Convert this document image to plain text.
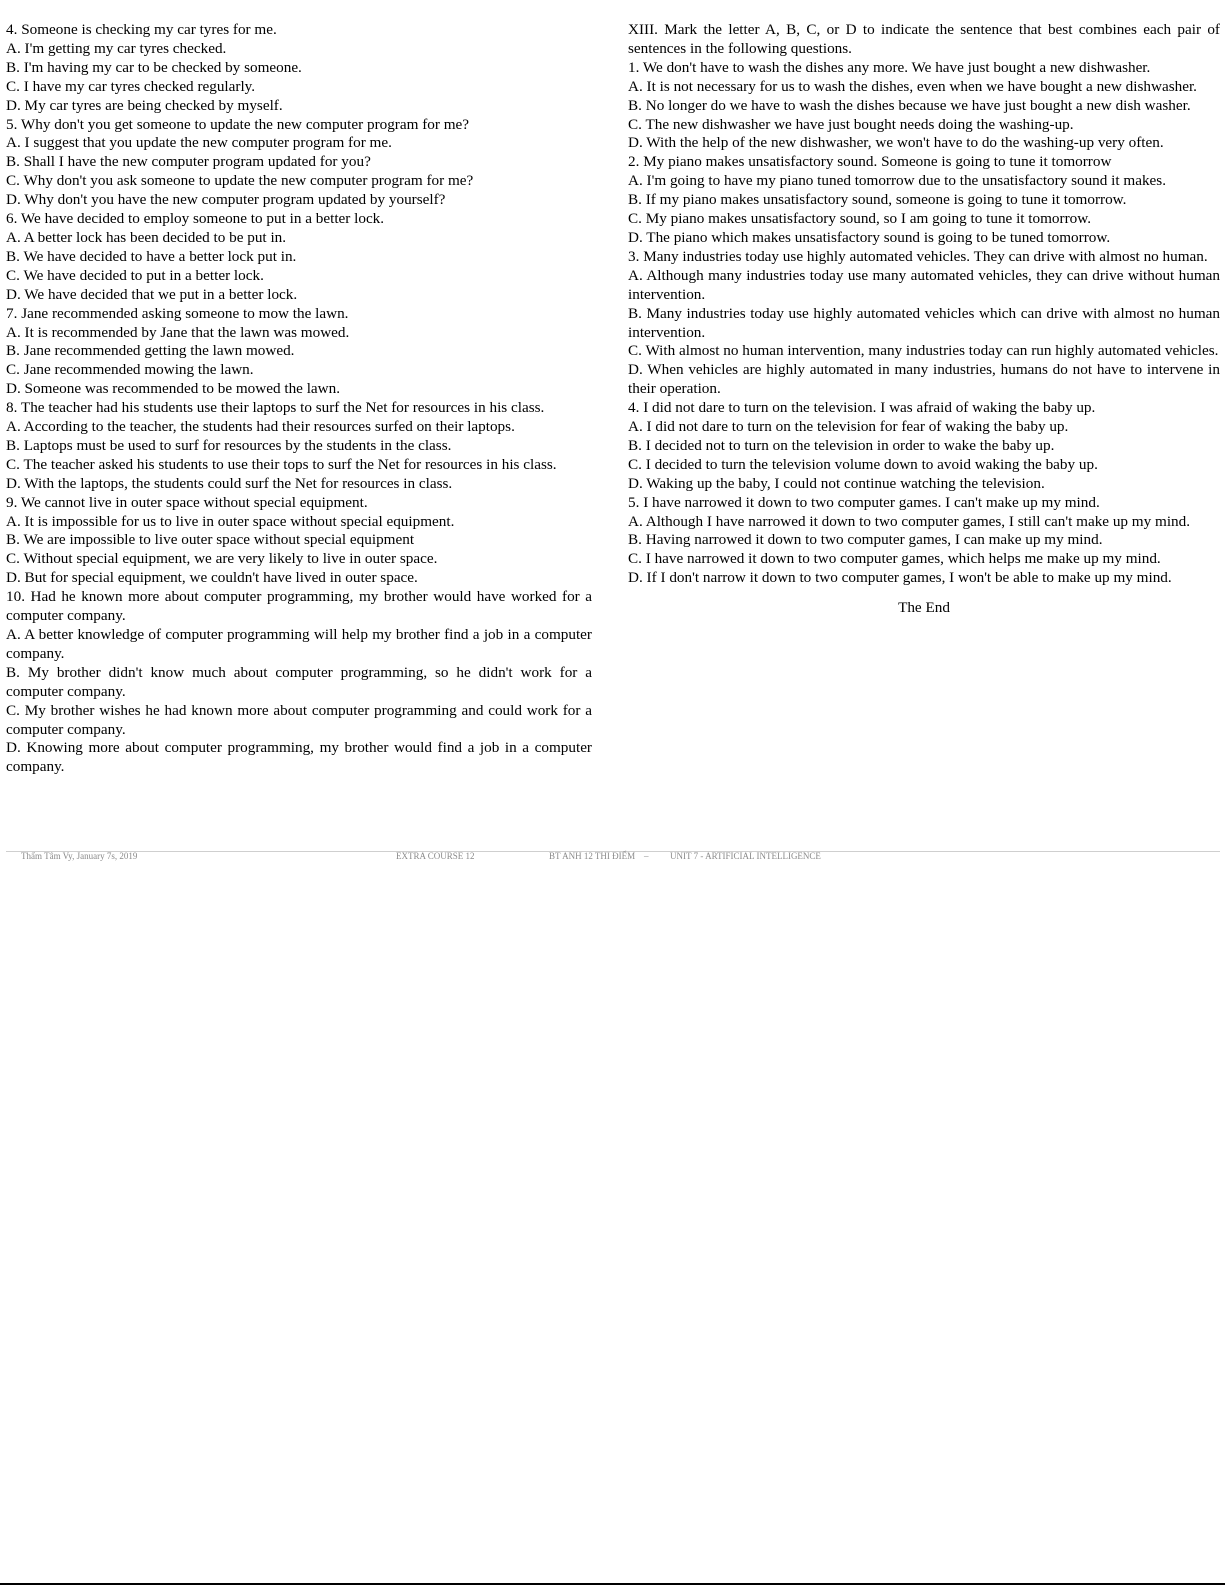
4. Someone is checking my car tyres for me.

A. I'm getting my car tyres checked.

B. I'm having my car to be checked by someone.

C. I have my car tyres checked regularly.

D. My car tyres are being checked by myself.

5. Why don't you get someone to update the new computer program for me?

A. I suggest that you update the new computer program for me.

B. Shall I have the new computer program updated for you?

C. Why don't you ask someone to update the new computer program for me?

D. Why don't you have the new computer program updated by yourself?

6. We have decided to employ someone to put in a better lock.

A. A better lock has been decided to be put in.

B. We have decided to have a better lock put in.

C. We have decided to put in a better lock.

D. We have decided that we put in a better lock.

7. Jane recommended asking someone to mow the lawn.

A. It is recommended by Jane that the lawn was mowed.

B. Jane recommended getting the lawn mowed.

C. Jane recommended mowing the lawn.

D. Someone was recommended to be mowed the lawn.

8. The teacher had his students use their laptops to surf the Net for resources in his class.

A. According to the teacher, the students had their resources surfed on their laptops.

B. Laptops must be used to surf for resources by the students in the class.

C. The teacher asked his students to use their tops to surf the Net for resources in his class.

D. With the laptops, the students could surf the Net for resources in class.

9. We cannot live in outer space without special equipment.

A. It is impossible for us to live in outer space without special equipment.

B. We are impossible to live outer space without special equipment

C. Without special equipment, we are very likely to live in outer space.

D. But for special equipment, we couldn't have lived in outer space.

10. Had he known more about computer programming, my brother would have worked for a computer company.

A. A better knowledge of computer programming will help my brother find a job in a computer company.

B. My brother didn't know much about computer programming, so he didn't work for a computer company.

C. My brother wishes he had known more about computer programming and could work for a computer company.

D. Knowing more about computer programming, my brother would find a job in a computer company.

XIII. Mark the letter A, B, C, or D to indicate the sentence that best combines each pair of sentences in the following questions.

1. We don't have to wash the dishes any more. We have just bought a new dishwasher.

A. It is not necessary for us to wash the dishes, even when we have bought a new dishwasher.

B. No longer do we have to wash the dishes because we have just bought a new dish washer.

C. The new dishwasher we have just bought needs doing the washing-up.

D. With the help of the new dishwasher, we won't have to do the washing-up very often.

2. My piano makes unsatisfactory sound. Someone is going to tune it tomorrow

A. I'm going to have my piano tuned tomorrow due to the unsatisfactory sound it makes.

B. If my piano makes unsatisfactory sound, someone is going to tune it tomorrow.

C. My piano makes unsatisfactory sound, so I am going to tune it tomorrow.

D. The piano which makes unsatisfactory sound is going to be tuned tomorrow.

3. Many industries today use highly automated vehicles. They can drive with almost no human.

A. Although many industries today use many automated vehicles, they can drive without human intervention.

B. Many industries today use highly automated vehicles which can drive with almost no human intervention.

C. With almost no human intervention, many industries today can run highly automated vehicles.

D. When vehicles are highly automated in many industries, humans do not have to intervene in their operation.

4. I did not dare to turn on the television. I was afraid of waking the baby up.

A. I did not dare to turn on the television for fear of waking the baby up.

B. I decided not to turn on the television in order to wake the baby up.

C. I decided to turn the television volume down to avoid waking the baby up.

D. Waking up the baby, I could not continue watching the television.

5. I have narrowed it down to two computer games. I can't make up my mind.

A. Although I have narrowed it down to two computer games, I still can't make up my mind.

B. Having narrowed it down to two computer games, I can make up my mind.

C. I have narrowed it down to two computer games, which helps me make up my mind.

D. If I don't narrow it down to two computer games, I won't be able to make up my mind.

The End
Thẩm Tâm Vy, January 7s, 2019	EXTRA COURSE 12	BT ANH 12 THI ĐIỂM – UNIT 7 - ARTIFICIAL INTELLIGENCE
